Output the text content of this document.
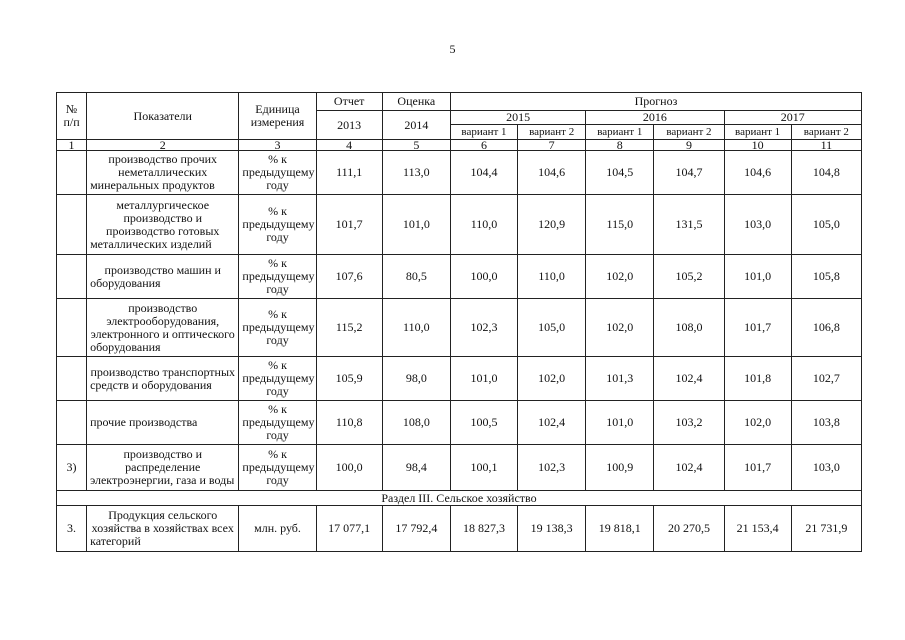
5
№ п/п	Показатели	Единица измерения	Отчет	Оценка	Прогноз					
			2013	2014	2015		2016		2017	
					вариант 1	вариант 2	вариант 1	вариант 2	вариант 1	вариант 2
1	2	3	4	5	6	7	8	9	10	11
	производство прочих неметаллических минеральных продуктов	% к предыдущему году	111,1	113,0	104,4	104,6	104,5	104,7	104,6	104,8
	металлургическое производство и производство готовых металлических изделий	% к предыдущему году	101,7	101,0	110,0	120,9	115,0	131,5	103,0	105,0
	производство машин и оборудования	% к предыдущему году	107,6	80,5	100,0	110,0	102,0	105,2	101,0	105,8
	производство электрооборудования, электронного и оптического оборудования	% к предыдущему году	115,2	110,0	102,3	105,0	102,0	108,0	101,7	106,8
	производство транспортных средств и оборудования	% к предыдущему году	105,9	98,0	101,0	102,0	101,3	102,4	101,8	102,7
	прочие производства	% к предыдущему году	110,8	108,0	100,5	102,4	101,0	103,2	102,0	103,8
3)	производство и распределение электроэнергии, газа и воды	% к предыдущему году	100,0	98,4	100,1	102,3	100,9	102,4	101,7	103,0
Раздел III. Сельское хозяйство										
3.	Продукция сельского хозяйства в хозяйствах всех категорий	млн. руб.	17 077,1	17 792,4	18 827,3	19 138,3	19 818,1	20 270,5	21 153,4	21 731,9
